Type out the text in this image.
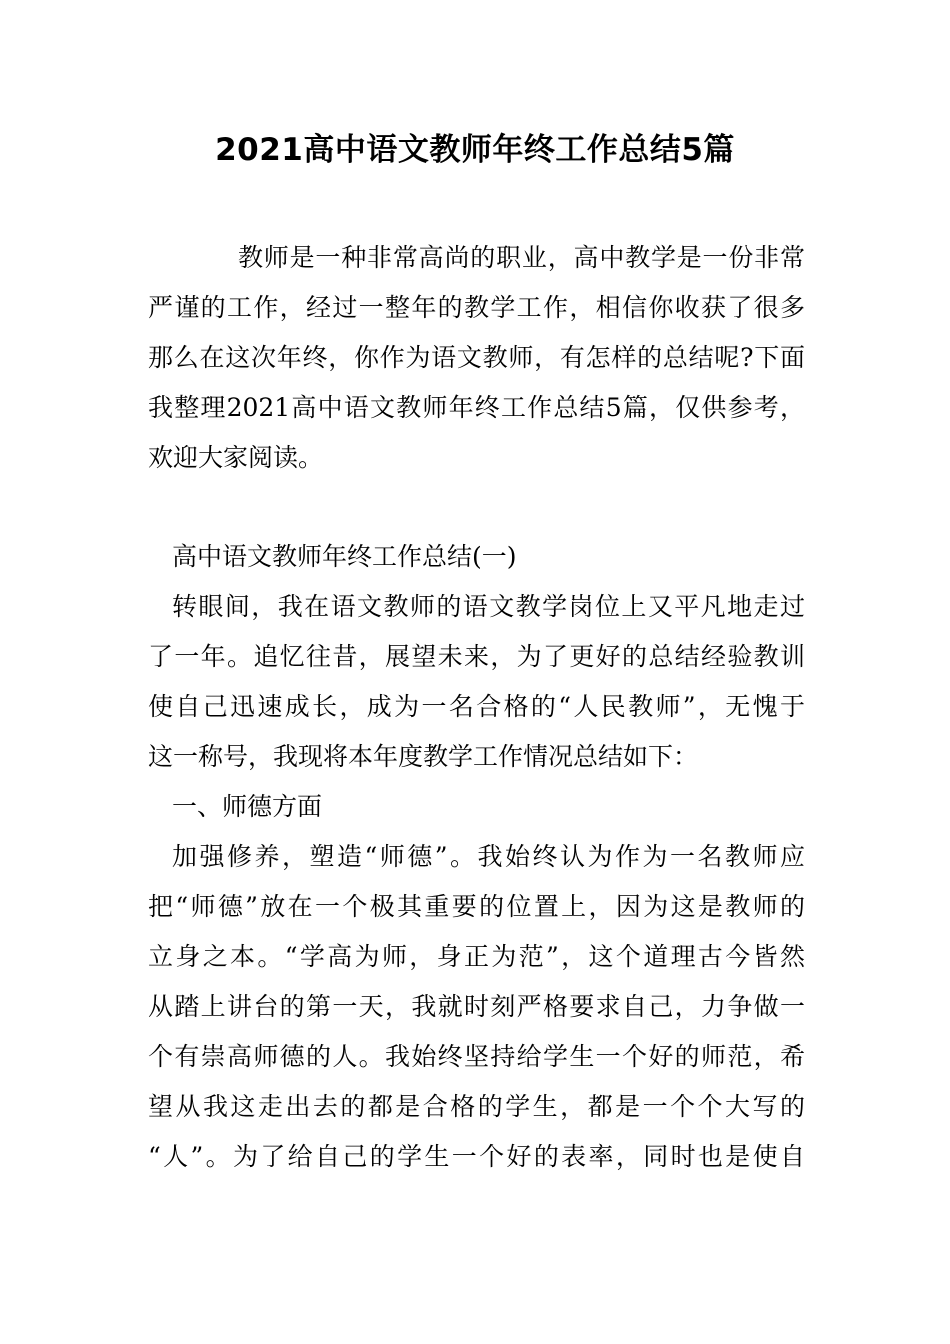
2021高中语文教师年终工作总结5篇
教师是一种非常高尚的职业，高中教学是一份非常
严谨的工作，经过一整年的教学工作，相信你收获了很多
那么在这次年终，你作为语文教师，有怎样的总结呢?下面
我整理2021高中语文教师年终工作总结5篇，仅供参考，
欢迎大家阅读。
高中语文教师年终工作总结(一)
转眼间，我在语文教师的语文教学岗位上又平凡地走过
了一年。追忆往昔，展望未来，为了更好的总结经验教训
使自己迅速成长，成为一名合格的“人民教师”，无愧于
这一称号，我现将本年度教学工作情况总结如下：
一、师德方面
加强修养，塑造“师德”。我始终认为作为一名教师应
把“师德”放在一个极其重要的位置上，因为这是教师的
立身之本。“学高为师，身正为范”，这个道理古今皆然
从踏上讲台的第一天，我就时刻严格要求自己，力争做一
个有崇高师德的人。我始终坚持给学生一个好的师范，希
望从我这走出去的都是合格的学生，都是一个个大写的
“人”。为了给自己的学生一个好的表率，同时也是使自
